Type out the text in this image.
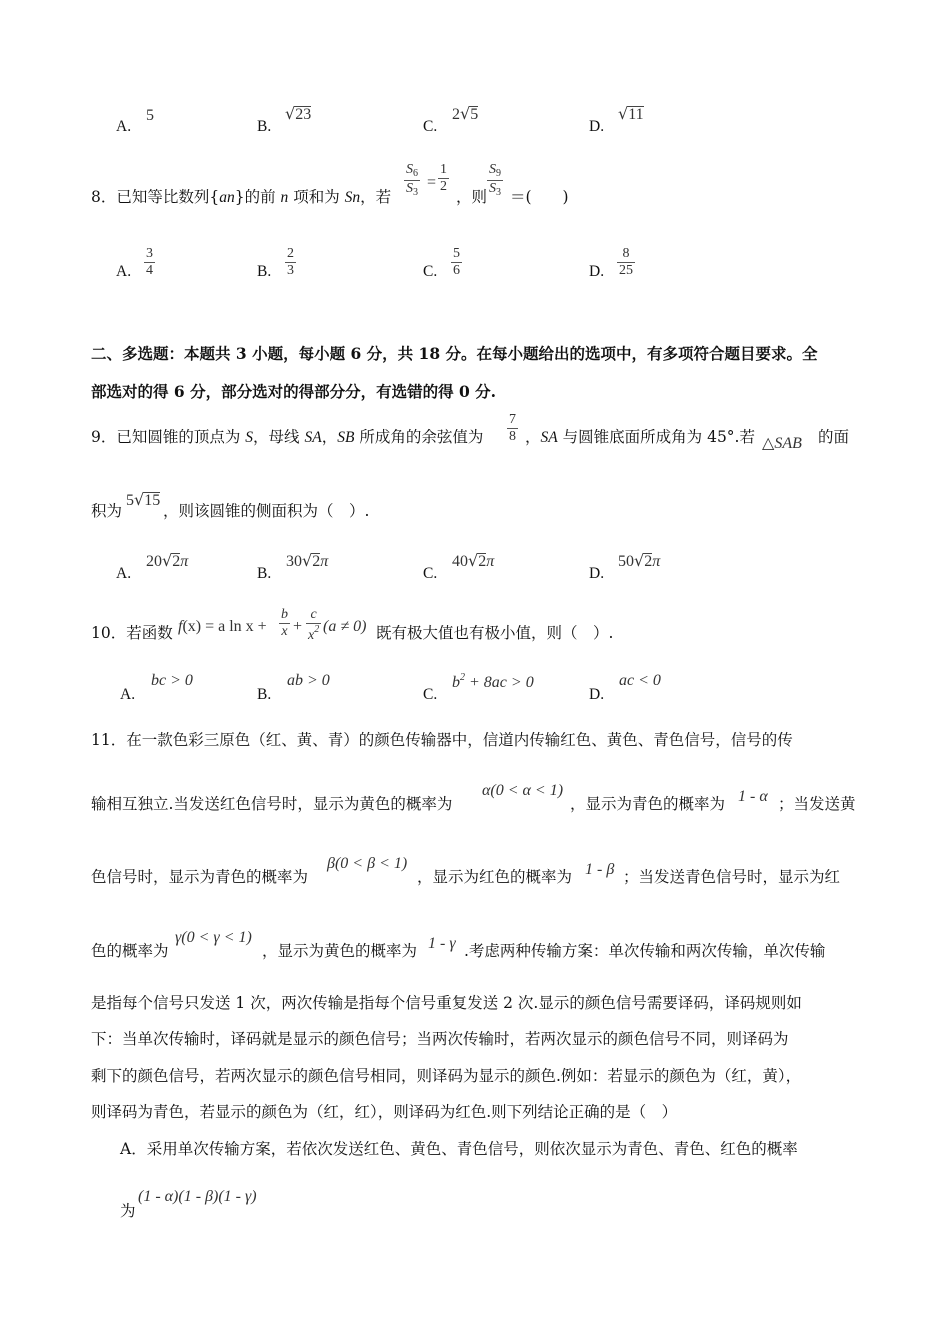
A.
5
B.
√23
C.
2√5
D.
√11
8．已知等比数列{an}的前 n 项和为 Sn，若 $\frac{S_6}{S_3} = \frac{1}{2}$
，则 $\frac{S_9}{S_3}$ ＝(　　)
A. $\frac{3}{4}$	B. $\frac{2}{3}$	C. $\frac{5}{6}$	D. $\frac{8}{25}$
二、多选题：本题共 3 小题，每小题 6 分，共 18 分。在每小题给出的选项中，有多项符合题目要求。全
部选对的得 6 分，部分选对的得部分分，有选错的得 0 分.
9．已知圆锥的顶点为 S，母线 SA，SB 所成角的余弦值为 $\frac{7}{8}$ ，SA 与圆锥底面所成角为 45°.若 △SAB 的面
积为
5√15
，则该圆锥的侧面积为（　）.
A.
20√2π
B.
30√2π
C.
40√2π
D.
50√2π
10．若函数 f(x) = a $\ln x + \frac{b}{x} + \frac{c}{x^2} (a \ne 0)$ 既有极大值也有极小值，则（　）.
A.
bc > 0
B.
ab > 0
C.
$b^2 + 8ac > 0$
D.
ac < 0
11．在一款色彩三原色（红、黄、青）的颜色传输器中，信道内传输红色、黄色、青色信号，信号的传
输相互独立.当发送红色信号时，显示为黄色的概率为
α(0 < α < 1)
，显示为青色的概率为 1 - α ；当发送黄
色信号时，显示为青色的概率为
β(0 < β < 1)
，显示为红色的概率为 1 - β ；当发送青色信号时，显示为红
色的概率为
γ(0 < γ < 1)
，显示为黄色的概率为 1 - γ .考虑两种传输方案：单次传输和两次传输，单次传输
是指每个信号只发送 1 次，两次传输是指每个信号重复发送 2 次.显示的颜色信号需要译码，译码规则如
下：当单次传输时，译码就是显示的颜色信号；当两次传输时，若两次显示的颜色信号不同，则译码为
剩下的颜色信号，若两次显示的颜色信号相同，则译码为显示的颜色.例如：若显示的颜色为（红，黄），
则译码为青色，若显示的颜色为（红，红），则译码为红色.则下列结论正确的是（　）
A．采用单次传输方案，若依次发送红色、黄色、青色信号，则依次显示为青色、青色、红色的概率
为
(1 - α)(1 - β)(1 - γ)
